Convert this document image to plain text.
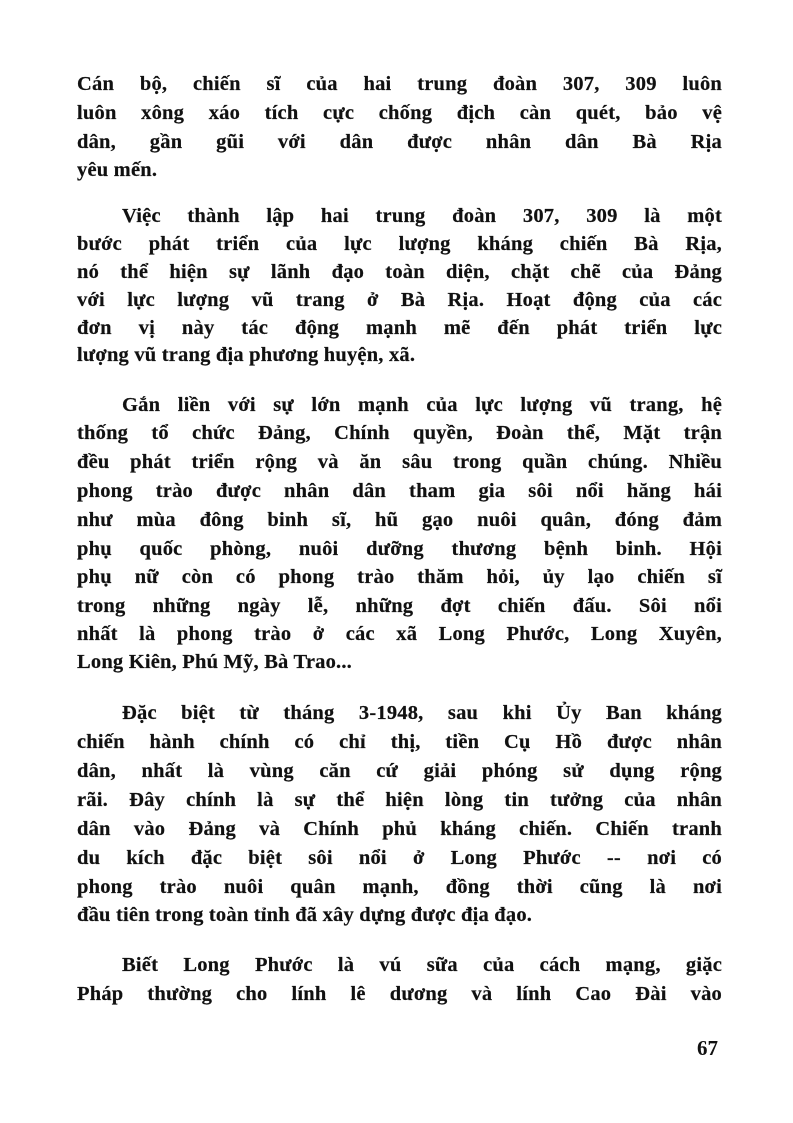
Cán bộ, chiến sĩ của hai trung đoàn 307, 309 luôn
luôn xông xáo tích cực chống địch càn quét, bảo vệ
dân, gần gũi với dân được nhân dân Bà Rịa
yêu mến.
Việc thành lập hai trung đoàn 307, 309 là một
bước phát triển của lực lượng kháng chiến Bà Rịa,
nó thể hiện sự lãnh đạo toàn diện, chặt chẽ của Đảng
với lực lượng vũ trang ở Bà Rịa. Hoạt động của các
đơn vị này tác động mạnh mẽ đến phát triển lực
lượng vũ trang địa phương huyện, xã.
Gắn liền với sự lớn mạnh của lực lượng vũ trang, hệ
thống tổ chức Đảng, Chính quyền, Đoàn thể, Mặt trận
đều phát triển rộng và ăn sâu trong quần chúng. Nhiều
phong trào được nhân dân tham gia sôi nổi hăng hái
như mùa đông binh sĩ, hũ gạo nuôi quân, đóng đảm
phụ quốc phòng, nuôi dưỡng thương bệnh binh. Hội
phụ nữ còn có phong trào thăm hỏi, ủy lạo chiến sĩ
trong những ngày lễ, những đợt chiến đấu. Sôi nổi
nhất là phong trào ở các xã Long Phước, Long Xuyên,
Long Kiên, Phú Mỹ, Bà Trao...
Đặc biệt từ tháng 3-1948, sau khi Ủy Ban kháng
chiến hành chính có chỉ thị, tiền Cụ Hồ được nhân
dân, nhất là vùng căn cứ giải phóng sử dụng rộng
rãi. Đây chính là sự thể hiện lòng tin tưởng của nhân
dân vào Đảng và Chính phủ kháng chiến. Chiến tranh
du kích đặc biệt sôi nổi ở Long Phước -- nơi có
phong trào nuôi quân mạnh, đồng thời cũng là nơi
đầu tiên trong toàn tỉnh đã xây dựng được địa đạo.
Biết Long Phước là vú sữa của cách mạng, giặc
Pháp thường cho lính lê dương và lính Cao Đài vào
67
